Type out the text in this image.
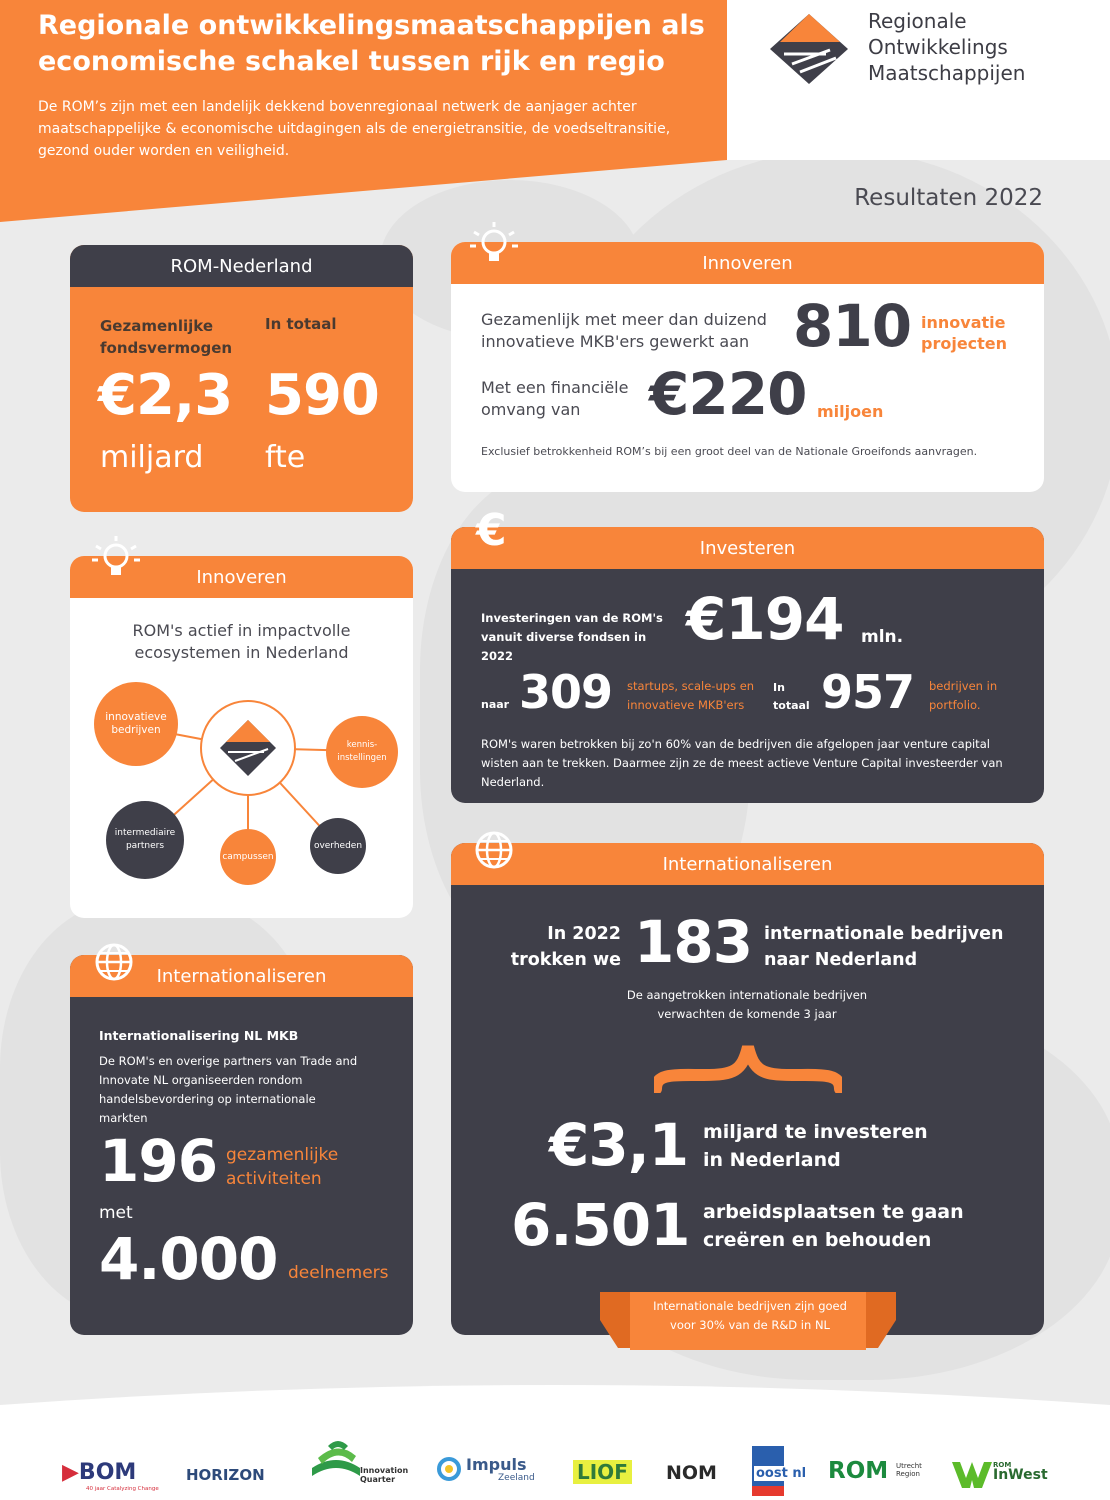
Regionale ontwikkelingsmaatschappijen als economische schakel tussen rijk en regio
De ROM’s zijn met een landelijk dekkend bovenregionaal netwerk de aanjager achter maatschappelijke & economische uitdagingen als de energietransitie, de voedseltransitie, gezond ouder worden en veiligheid.
Regionale
Ontwikkelings
Maatschappijen
Resultaten 2022
ROM-Nederland
Gezamenlijke fondsvermogen
In totaal
€2,3 590
miljard fte
Innoveren
Gezamenlijk met meer dan duizend innovatieve MKB'ers gewerkt aan 810 innovatie projecten
Met een financiële omvang van	€220 miljoen
Exclusief betrokkenheid ROM’s bij een groot deel van de Nationale Groeifonds aanvragen.
Innoveren
ROM's actief in impactvolle ecosystemen in Nederland
innovatieve bedrijven
kennis-instellingen
intermediaire partners
campussen
overheden
Investeren
Investeringen van de ROM's vanuit diverse fondsen in 2022
€194 mln.
naar 309 startups, scale-ups en innovatieve MKB'ers
In totaal 957 bedrijven in portfolio.
ROM's waren betrokken bij zo'n 60% van de bedrijven die afgelopen jaar venture capital wisten aan te trekken. Daarmee zijn ze de meest actieve Venture Capital investeerder van Nederland.
€
Internationaliseren
Internationalisering NL MKB
De ROM's en overige partners van Trade and Innovate NL organiseerden rondom handelsbevordering op internationale markten
196 gezamenlijke activiteiten
met
4.000 deelnemers
Internationaliseren
In 2022 trokken we 183 internationale bedrijven naar Nederland
De aangetrokken internationale bedrijven verwachten de komende 3 jaar
€3,1 miljard te investeren in Nederland
6.501 arbeidsplaatsen te gaan creëren en behouden
Internationale bedrijven zijn goed voor 30% van de R&D in NL
▶BOM
40 jaar Catalyzing Change
HORIZON	Innovation
Quarter
Impuls
Zeeland LIOF NOM	oost nl ROM Utrecht Region
ROM
InWest
